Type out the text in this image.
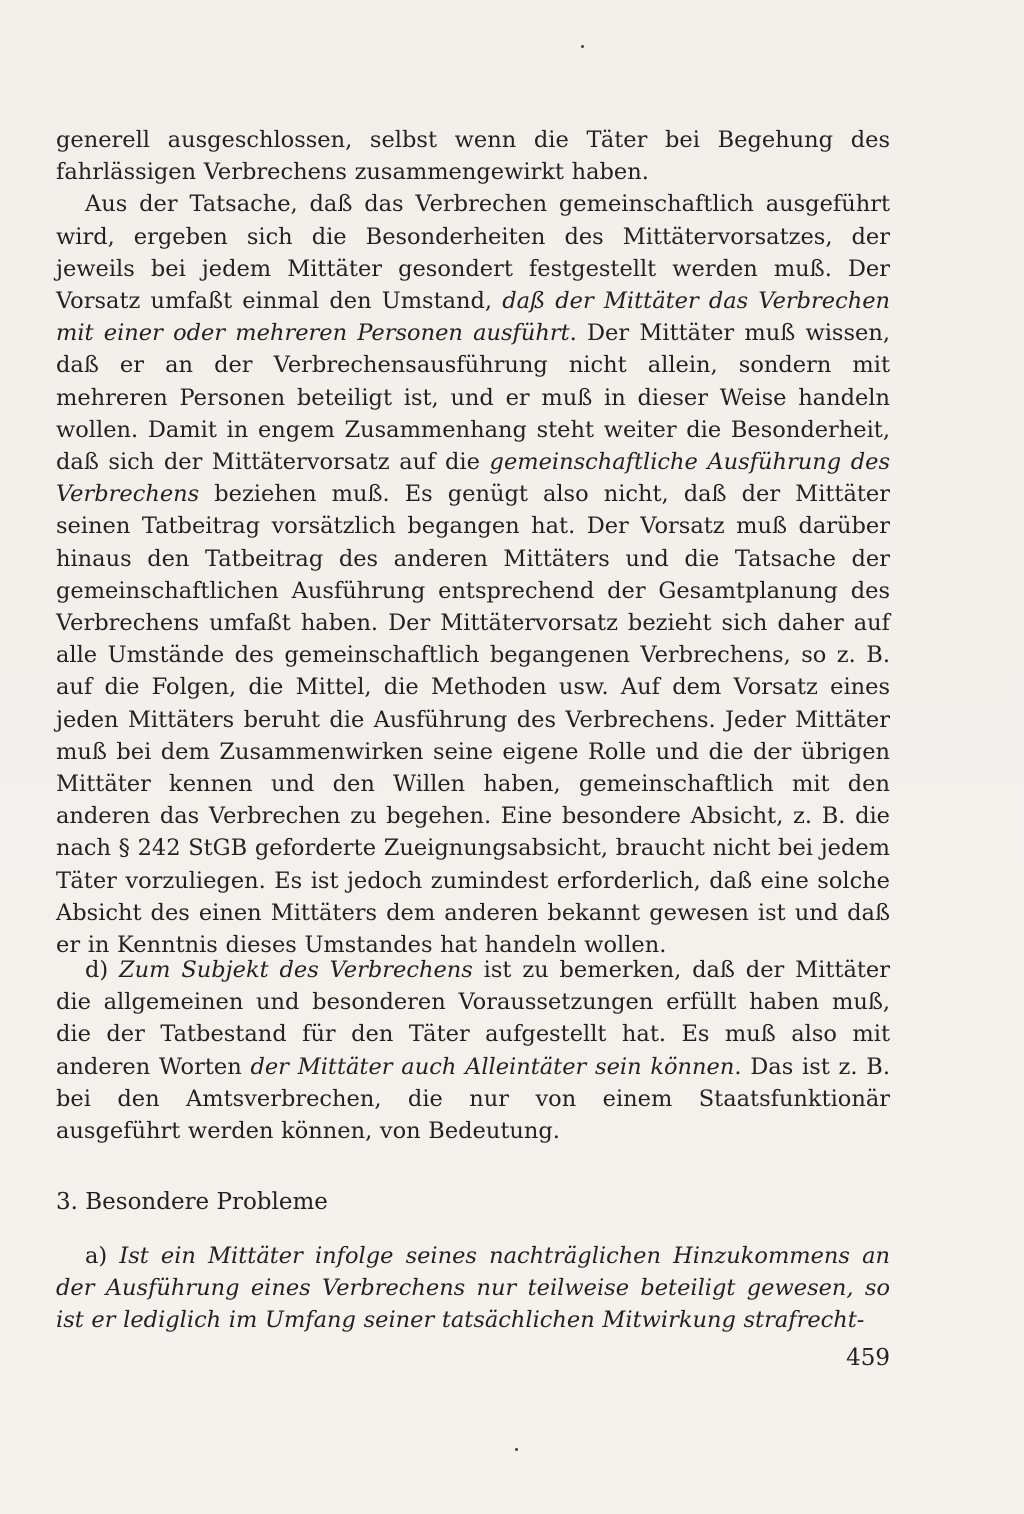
generell ausgeschlossen, selbst wenn die Täter bei Begehung des fahrlässigen Verbrechens zusammengewirkt haben.

Aus der Tatsache, daß das Verbrechen gemeinschaftlich ausgeführt wird, ergeben sich die Besonderheiten des Mittätervorsatzes, der jeweils bei jedem Mittäter gesondert festgestellt werden muß. Der Vorsatz umfaßt einmal den Umstand, daß der Mittäter das Verbrechen mit einer oder mehreren Personen ausführt. Der Mittäter muß wissen, daß er an der Verbrechensausführung nicht allein, sondern mit mehreren Personen beteiligt ist, und er muß in dieser Weise handeln wollen. Damit in engem Zusammenhang steht weiter die Besonderheit, daß sich der Mittätervorsatz auf die gemeinschaftliche Ausführung des Verbrechens beziehen muß. Es genügt also nicht, daß der Mittäter seinen Tatbeitrag vorsätzlich begangen hat. Der Vorsatz muß darüber hinaus den Tatbeitrag des anderen Mittäters und die Tatsache der gemeinschaftlichen Ausführung entsprechend der Gesamtplanung des Verbrechens umfaßt haben. Der Mittätervorsatz bezieht sich daher auf alle Umstände des gemeinschaftlich begangenen Verbrechens, so z. B. auf die Folgen, die Mittel, die Methoden usw. Auf dem Vorsatz eines jeden Mittäters beruht die Ausführung des Verbrechens. Jeder Mittäter muß bei dem Zusammenwirken seine eigene Rolle und die der übrigen Mittäter kennen und den Willen haben, gemeinschaftlich mit den anderen das Verbrechen zu begehen. Eine besondere Absicht, z. B. die nach § 242 StGB geforderte Zueignungsabsicht, braucht nicht bei jedem Täter vorzuliegen. Es ist jedoch zumindest erforderlich, daß eine solche Absicht des einen Mittäters dem anderen bekannt gewesen ist und daß er in Kenntnis dieses Umstandes hat handeln wollen.

d) Zum Subjekt des Verbrechens ist zu bemerken, daß der Mittäter die allgemeinen und besonderen Voraussetzungen erfüllt haben muß, die der Tatbestand für den Täter aufgestellt hat. Es muß also mit anderen Worten der Mittäter auch Alleintäter sein können. Das ist z. B. bei den Amtsverbrechen, die nur von einem Staatsfunktionär ausgeführt werden können, von Bedeutung.

3. Besondere Probleme

a) Ist ein Mittäter infolge seines nachträglichen Hinzukommens an der Ausführung eines Verbrechens nur teilweise beteiligt gewesen, so ist er lediglich im Umfang seiner tatsächlichen Mitwirkung strafrecht-

459
